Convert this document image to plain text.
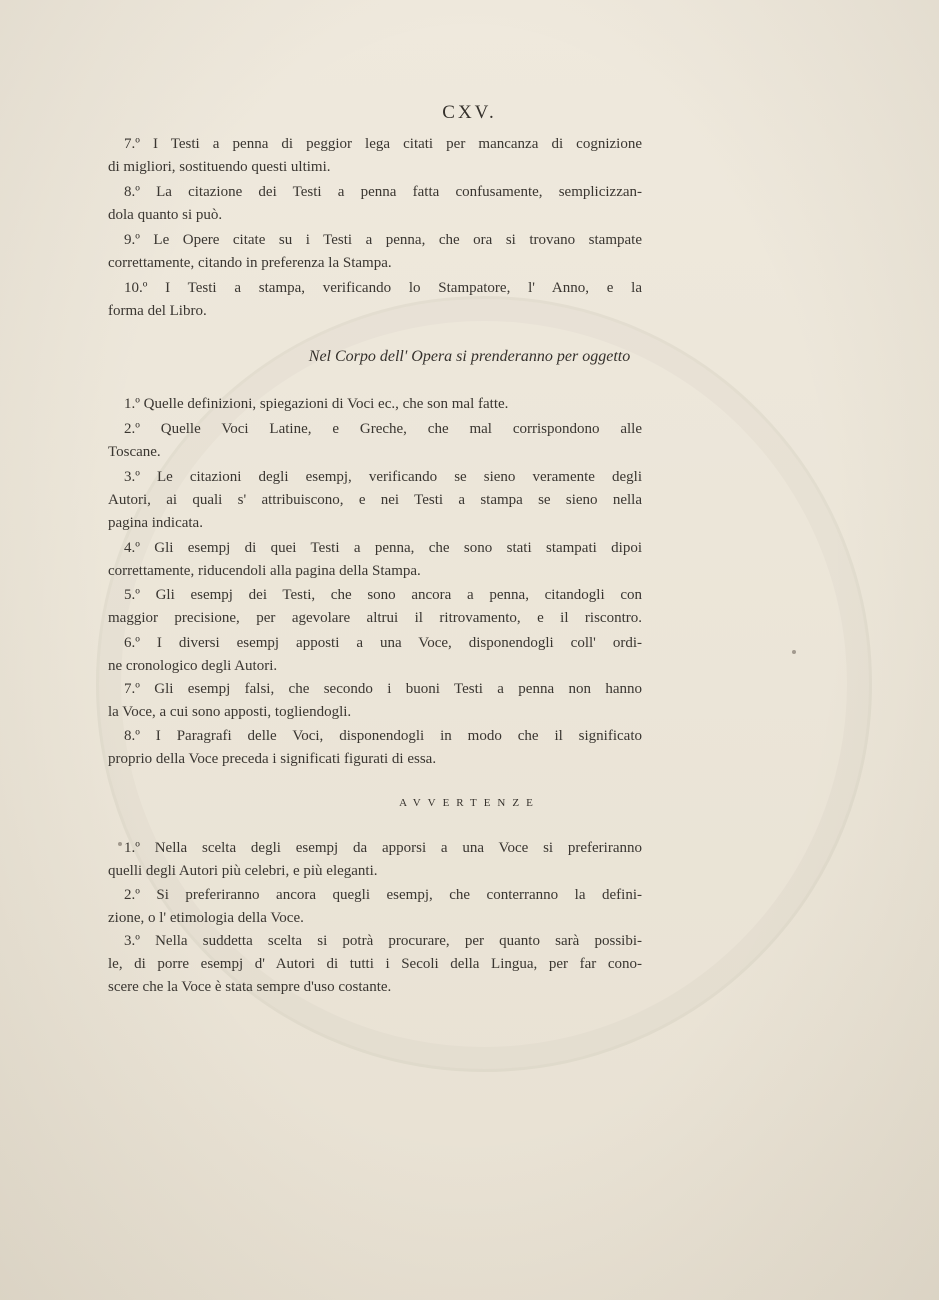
CXV.
7.º I Testi a penna di peggior lega citati per mancanza di cognizione
di migliori, sostituendo questi ultimi.
8.º La citazione dei Testi a penna fatta confusamente, semplicizzan-
dola quanto si può.
9.º Le Opere citate su i Testi a penna, che ora si trovano stampate
correttamente, citando in preferenza la Stampa.
10.º I Testi a stampa, verificando lo Stampatore, l' Anno, e la
forma del Libro.
Nel Corpo dell' Opera si prenderanno per oggetto
1.º Quelle definizioni, spiegazioni di Voci ec., che son mal fatte.
2.º Quelle Voci Latine, e Greche, che mal corrispondono alle
Toscane.
3.º Le citazioni degli esempj, verificando se sieno veramente degli
Autori, ai quali s' attribuiscono, e nei Testi a stampa se sieno nella
pagina indicata.
4.º Gli esempj di quei Testi a penna, che sono stati stampati dipoi
correttamente, riducendoli alla pagina della Stampa.
5.º Gli esempj dei Testi, che sono ancora a penna, citandogli con
maggior precisione, per agevolare altrui il ritrovamento, e il riscontro.
6.º I diversi esempj apposti a una Voce, disponendogli coll' ordi-
ne cronologico degli Autori.
7.º Gli esempj falsi, che secondo i buoni Testi a penna non hanno
la Voce, a cui sono apposti, togliendogli.
8.º I Paragrafi delle Voci, disponendogli in modo che il significato
proprio della Voce preceda i significati figurati di essa.
AVVERTENZE
1.º Nella scelta degli esempj da apporsi a una Voce si preferiranno
quelli degli Autori più celebri, e più eleganti.
2.º Si preferiranno ancora quegli esempj, che conterranno la defini-
zione, o l' etimologia della Voce.
3.º Nella suddetta scelta si potrà procurare, per quanto sarà possibi-
le, di porre esempj d' Autori di tutti i Secoli della Lingua, per far cono-
scere che la Voce è stata sempre d'uso costante.
